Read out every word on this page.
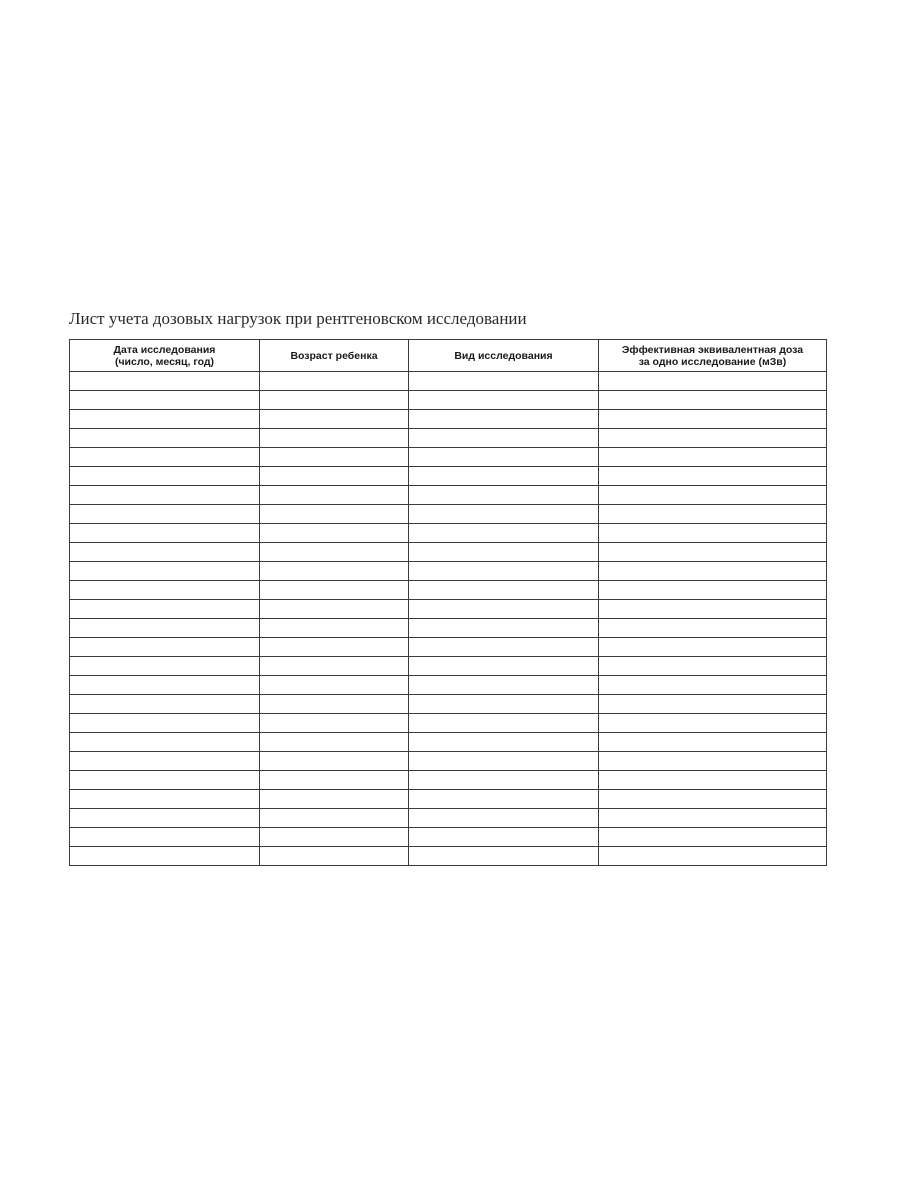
Лист учета дозовых нагрузок при рентгеновском исследовании
Дата исследования
(число, месяц, год)	Возраст ребенка	Вид исследования	Эффективная эквивалентная доза
за одно исследование (мЗв)
